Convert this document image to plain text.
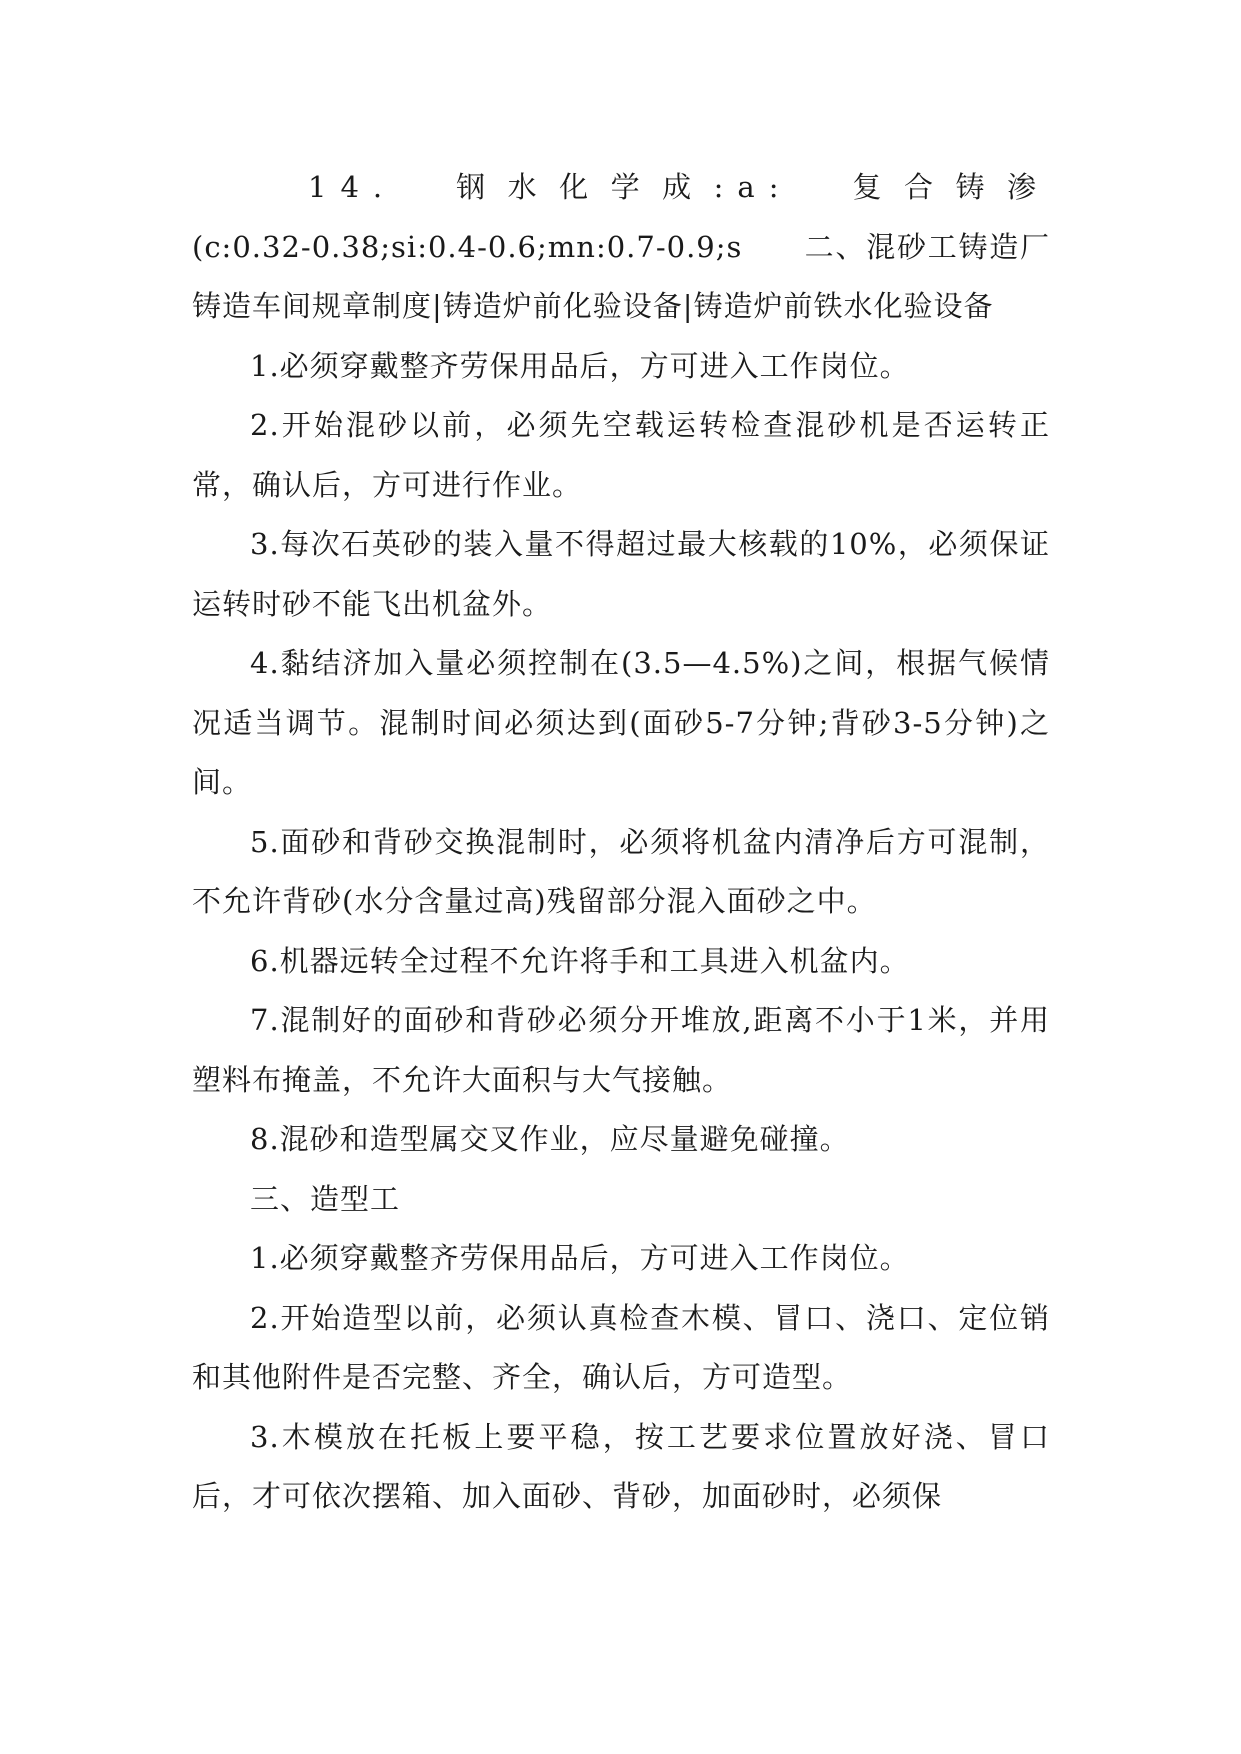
14.　钢水化学成:a:　复合铸渗

(c:0.32-0.38;si:0.4-0.6;mn:0.7-0.9;s　　二、混砂工铸造厂铸造车间规章制度|铸造炉前化验设备|铸造炉前铁水化验设备

1.必须穿戴整齐劳保用品后，方可进入工作岗位。

2.开始混砂以前，必须先空载运转检查混砂机是否运转正常，确认后，方可进行作业。

3.每次石英砂的装入量不得超过最大核载的10%，必须保证运转时砂不能飞出机盆外。

4.黏结济加入量必须控制在(3.5—4.5%)之间，根据气候情况适当调节。混制时间必须达到(面砂5-7分钟;背砂3-5分钟)之间。

5.面砂和背砂交换混制时，必须将机盆内清净后方可混制，不允许背砂(水分含量过高)残留部分混入面砂之中。

6.机器远转全过程不允许将手和工具进入机盆内。

7.混制好的面砂和背砂必须分开堆放,距离不小于1米，并用塑料布掩盖，不允许大面积与大气接触。

8.混砂和造型属交叉作业，应尽量避免碰撞。

三、造型工

1.必须穿戴整齐劳保用品后，方可进入工作岗位。

2.开始造型以前，必须认真检查木模、冒口、浇口、定位销和其他附件是否完整、齐全，确认后，方可造型。

3.木模放在托板上要平稳，按工艺要求位置放好浇、冒口后，才可依次摆箱、加入面砂、背砂，加面砂时，必须保
